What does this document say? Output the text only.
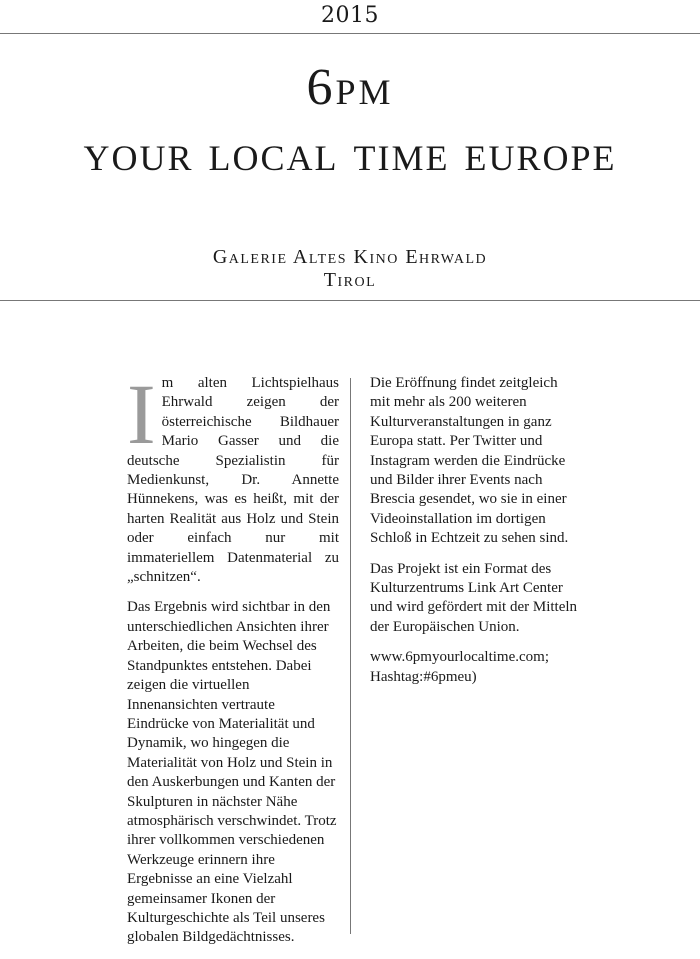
2015
6pm
your local time europe
Galerie Altes Kino Ehrwald
Tirol

Im alten Lichtspielhaus Ehrwald zeigen der österreichische Bildhauer Mario Gasser und die deutsche Spezialistin für Medienkunst, Dr. Annette Hünnekens, was es heißt, mit der harten Realität aus Holz und Stein oder einfach nur mit immateriellem Datenmaterial zu „schnitzen“.

Das Ergebnis wird sichtbar in den unterschiedlichen Ansichten ihrer Arbeiten, die beim Wechsel des Standpunktes entstehen. Dabei zeigen die virtuellen Innenansichten vertraute Eindrücke von Materialität und Dynamik, wo hingegen die Materialität von Holz und Stein in den Auskerbungen und Kanten der Skulpturen in nächster Nähe atmosphärisch verschwindet. Trotz ihrer vollkommen verschiedenen Werkzeuge erinnern ihre Ergebnisse an eine Vielzahl gemeinsamer Ikonen der Kulturgeschichte als Teil unseres globalen Bildgedächtnisses.

Die Eröffnung findet zeitgleich mit mehr als 200 weiteren Kulturveranstaltungen in ganz Europa statt. Per Twitter und Instagram werden die Eindrücke und Bilder ihrer Events nach Brescia gesendet, wo sie in einer Videoinstallation im dortigen Schloß in Echtzeit zu sehen sind.

Das Projekt ist ein Format des Kulturzentrums Link Art Center und wird gefördert mit der Mitteln der Europäischen Union.

www.6pmyourlocaltime.com; Hashtag:#6pmeu)
